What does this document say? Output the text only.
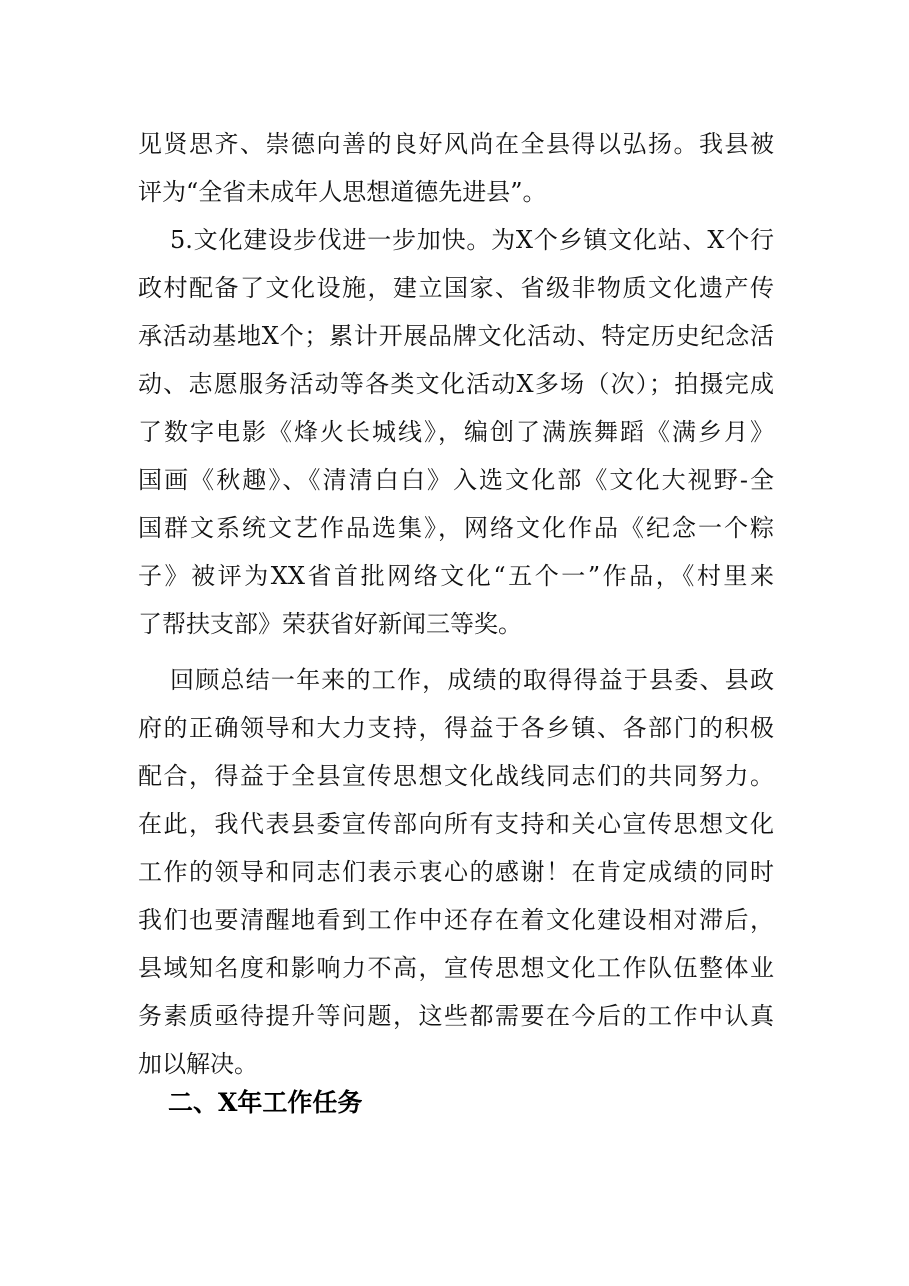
见贤思齐、崇德向善的良好风尚在全县得以弘扬。我县被
评为“全省未成年人思想道德先进县”。
5.文化建设步伐进一步加快。为X个乡镇文化站、X个行
政村配备了文化设施，建立国家、省级非物质文化遗产传
承活动基地X个；累计开展品牌文化活动、特定历史纪念活
动、志愿服务活动等各类文化活动X多场（次）；拍摄完成
了数字电影《烽火长城线》，编创了满族舞蹈《满乡月》
国画《秋趣》、《清清白白》入选文化部《文化大视野-全
国群文系统文艺作品选集》，网络文化作品《纪念一个粽
子》被评为XX省首批网络文化“五个一”作品，《村里来
了帮扶支部》荣获省好新闻三等奖。
回顾总结一年来的工作，成绩的取得得益于县委、县政
府的正确领导和大力支持，得益于各乡镇、各部门的积极
配合，得益于全县宣传思想文化战线同志们的共同努力。
在此，我代表县委宣传部向所有支持和关心宣传思想文化
工作的领导和同志们表示衷心的感谢！在肯定成绩的同时
我们也要清醒地看到工作中还存在着文化建设相对滞后，
县域知名度和影响力不高，宣传思想文化工作队伍整体业
务素质亟待提升等问题，这些都需要在今后的工作中认真
加以解决。
二、X年工作任务
